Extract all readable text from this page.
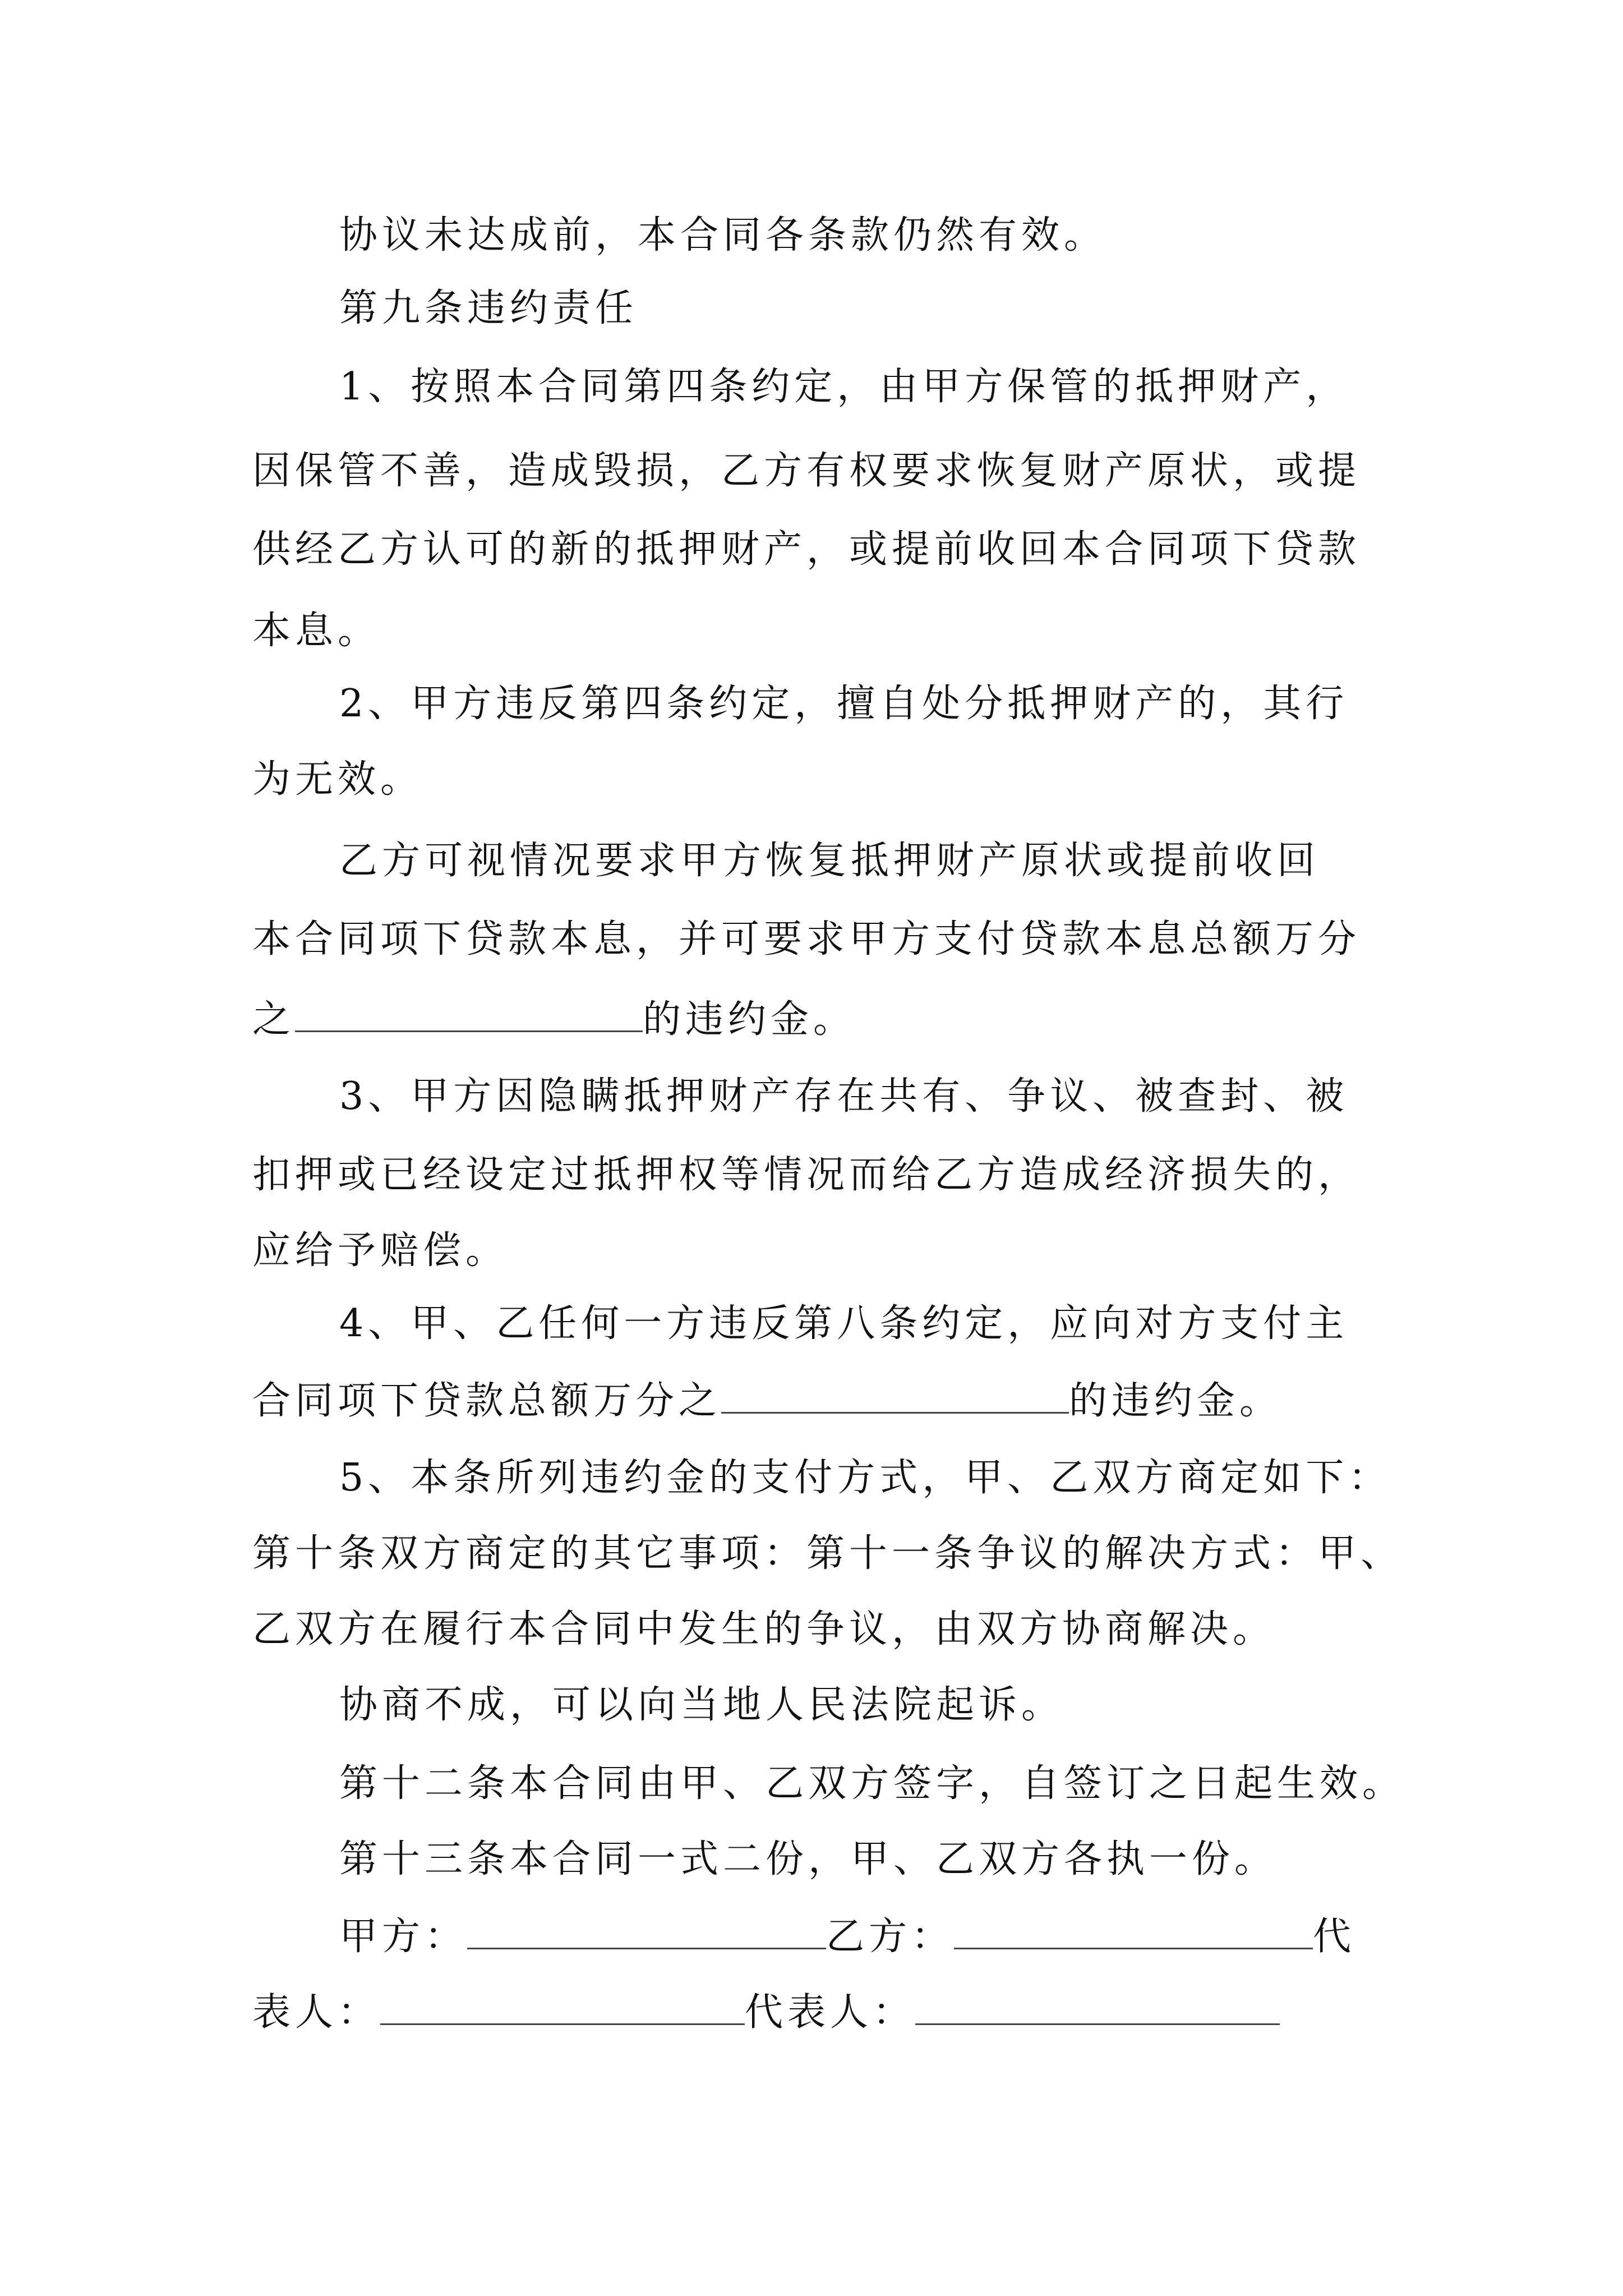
协议未达成前，本合同各条款仍然有效。
第九条违约责任
1、按照本合同第四条约定，由甲方保管的抵押财产，
因保管不善，造成毁损，乙方有权要求恢复财产原状，或提
供经乙方认可的新的抵押财产，或提前收回本合同项下贷款
本息。
2、甲方违反第四条约定，擅自处分抵押财产的，其行
为无效。
乙方可视情况要求甲方恢复抵押财产原状或提前收回
本合同项下贷款本息，并可要求甲方支付贷款本息总额万分
之	的违约金。
3、甲方因隐瞒抵押财产存在共有、争议、被查封、被
扣押或已经设定过抵押权等情况而给乙方造成经济损失的，
应给予赔偿。
4、甲、乙任何一方违反第八条约定，应向对方支付主
合同项下贷款总额万分之	的违约金。
5、本条所列违约金的支付方式，甲、乙双方商定如下：
第十条双方商定的其它事项：第十一条争议的解决方式：甲、
乙双方在履行本合同中发生的争议，由双方协商解决。
协商不成，可以向当地人民法院起诉。
第十二条本合同由甲、乙双方签字，自签订之日起生效。
第十三条本合同一式二份，甲、乙双方各执一份。
甲方：	乙方：	代
表人：	代表人：
